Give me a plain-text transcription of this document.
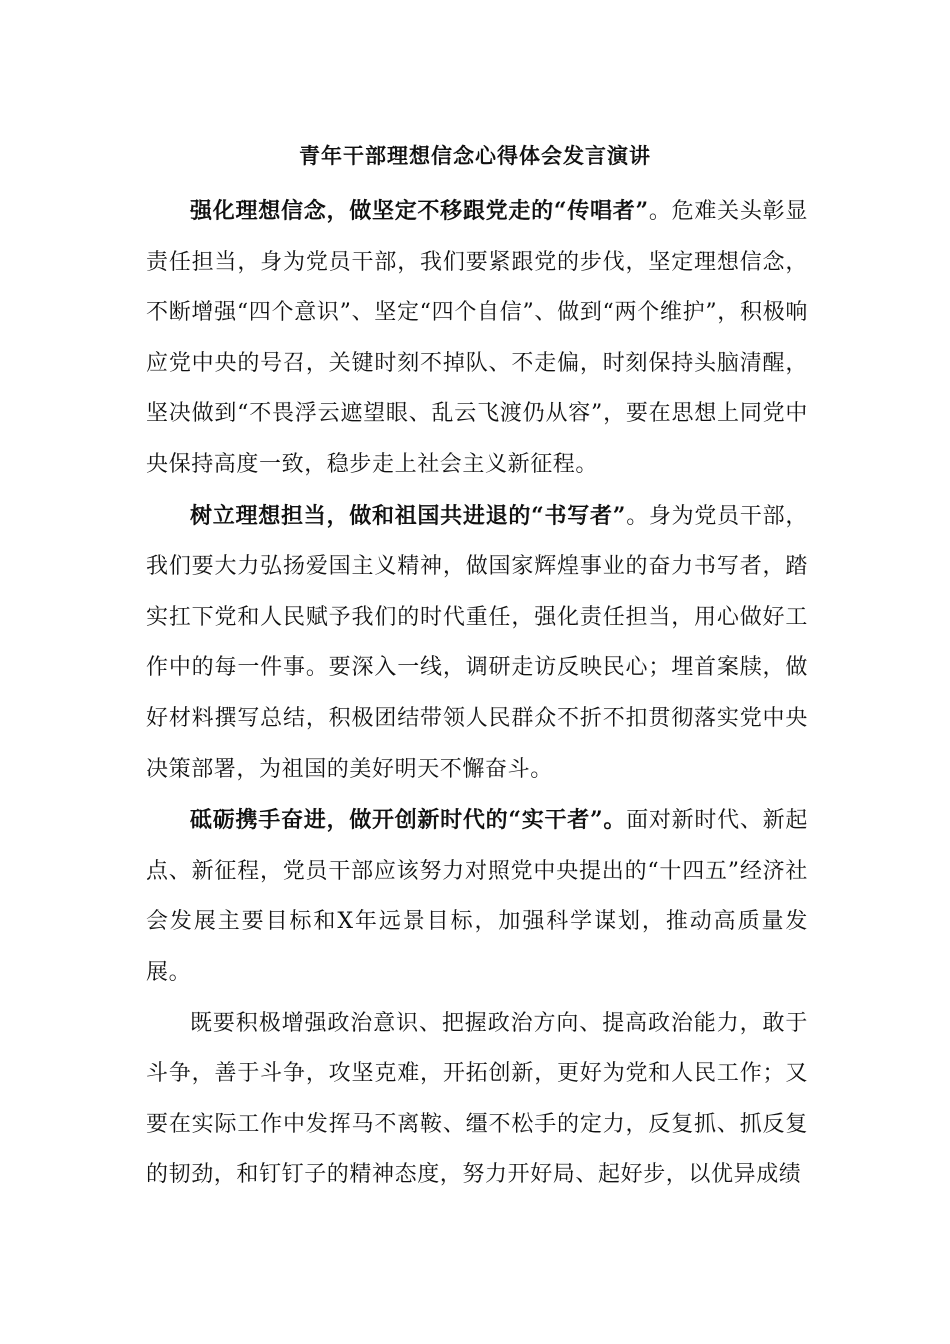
青年干部理想信念心得体会发言演讲

强化理想信念，做坚定不移跟党走的“传唱者”。危难关头彰显责任担当，身为党员干部，我们要紧跟党的步伐，坚定理想信念，不断增强“四个意识”、坚定“四个自信”、做到“两个维护”，积极响应党中央的号召，关键时刻不掉队、不走偏，时刻保持头脑清醒，坚决做到“不畏浮云遮望眼、乱云飞渡仍从容”，要在思想上同党中央保持高度一致，稳步走上社会主义新征程。

树立理想担当，做和祖国共进退的“书写者”。身为党员干部，我们要大力弘扬爱国主义精神，做国家辉煌事业的奋力书写者，踏实扛下党和人民赋予我们的时代重任，强化责任担当，用心做好工作中的每一件事。要深入一线，调研走访反映民心；埋首案牍，做好材料撰写总结，积极团结带领人民群众不折不扣贯彻落实党中央决策部署，为祖国的美好明天不懈奋斗。

砥砺携手奋进，做开创新时代的“实干者”。面对新时代、新起点、新征程，党员干部应该努力对照党中央提出的“十四五”经济社会发展主要目标和X年远景目标，加强科学谋划，推动高质量发展。

既要积极增强政治意识、把握政治方向、提高政治能力，敢于斗争，善于斗争，攻坚克难，开拓创新，更好为党和人民工作；又要在实际工作中发挥马不离鞍、缰不松手的定力，反复抓、抓反复的韧劲，和钉钉子的精神态度，努力开好局、起好步，以优异成绩
